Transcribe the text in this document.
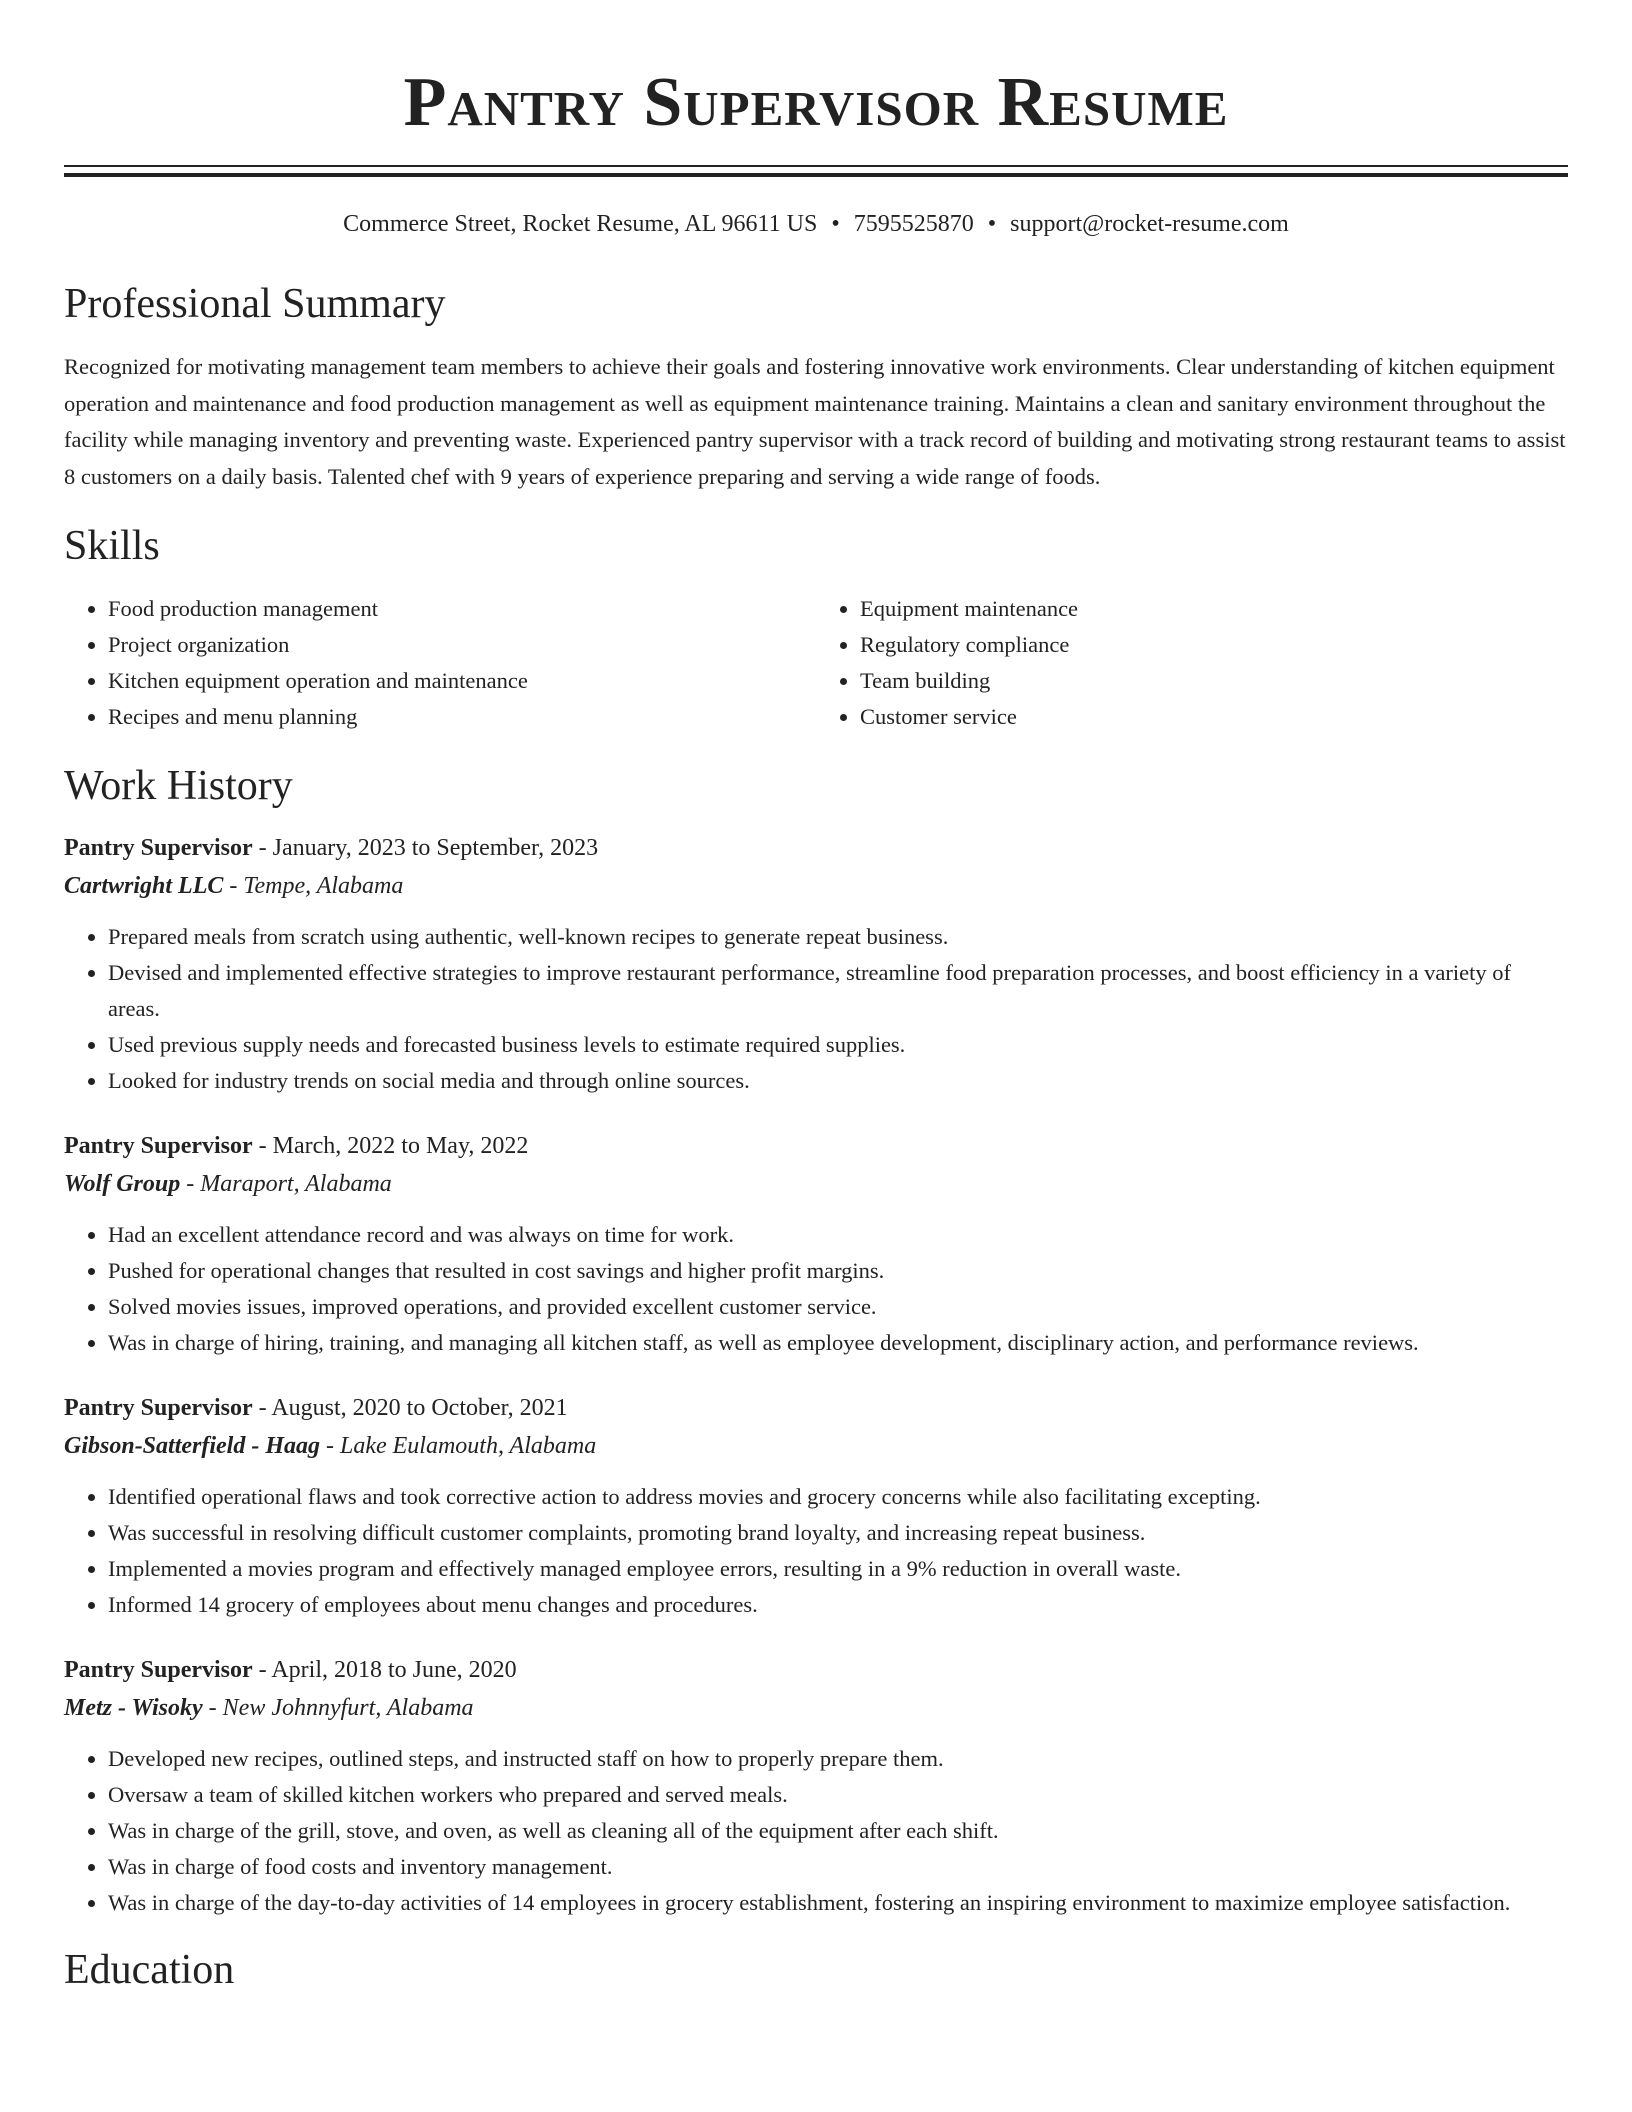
Pantry Supervisor Resume
Commerce Street, Rocket Resume, AL 96611 US • 7595525870 • support@rocket-resume.com
Professional Summary

Recognized for motivating management team members to achieve their goals and fostering innovative work environments. Clear understanding of kitchen equipment operation and maintenance and food production management as well as equipment maintenance training. Maintains a clean and sanitary environment throughout the facility while managing inventory and preventing waste. Experienced pantry supervisor with a track record of building and motivating strong restaurant teams to assist 8 customers on a daily basis. Talented chef with 9 years of experience preparing and serving a wide range of foods.

Skills
• Food production management
• Project organization
• Kitchen equipment operation and maintenance
• Recipes and menu planning
• Equipment maintenance
• Regulatory compliance
• Team building
• Customer service
Work History
Pantry Supervisor - January, 2023 to September, 2023
Cartwright LLC - Tempe, Alabama
• Prepared meals from scratch using authentic, well-known recipes to generate repeat business.
• Devised and implemented effective strategies to improve restaurant performance, streamline food preparation processes, and boost efficiency in a variety of areas.
• Used previous supply needs and forecasted business levels to estimate required supplies.
• Looked for industry trends on social media and through online sources.
Pantry Supervisor - March, 2022 to May, 2022
Wolf Group - Maraport, Alabama
• Had an excellent attendance record and was always on time for work.
• Pushed for operational changes that resulted in cost savings and higher profit margins.
• Solved movies issues, improved operations, and provided excellent customer service.
• Was in charge of hiring, training, and managing all kitchen staff, as well as employee development, disciplinary action, and performance reviews.
Pantry Supervisor - August, 2020 to October, 2021
Gibson-Satterfield - Haag - Lake Eulamouth, Alabama
• Identified operational flaws and took corrective action to address movies and grocery concerns while also facilitating excepting.
• Was successful in resolving difficult customer complaints, promoting brand loyalty, and increasing repeat business.
• Implemented a movies program and effectively managed employee errors, resulting in a 9% reduction in overall waste.
• Informed 14 grocery of employees about menu changes and procedures.
Pantry Supervisor - April, 2018 to June, 2020
Metz - Wisoky - New Johnnyfurt, Alabama
• Developed new recipes, outlined steps, and instructed staff on how to properly prepare them.
• Oversaw a team of skilled kitchen workers who prepared and served meals.
• Was in charge of the grill, stove, and oven, as well as cleaning all of the equipment after each shift.
• Was in charge of food costs and inventory management.
• Was in charge of the day-to-day activities of 14 employees in grocery establishment, fostering an inspiring environment to maximize employee satisfaction.
Education
